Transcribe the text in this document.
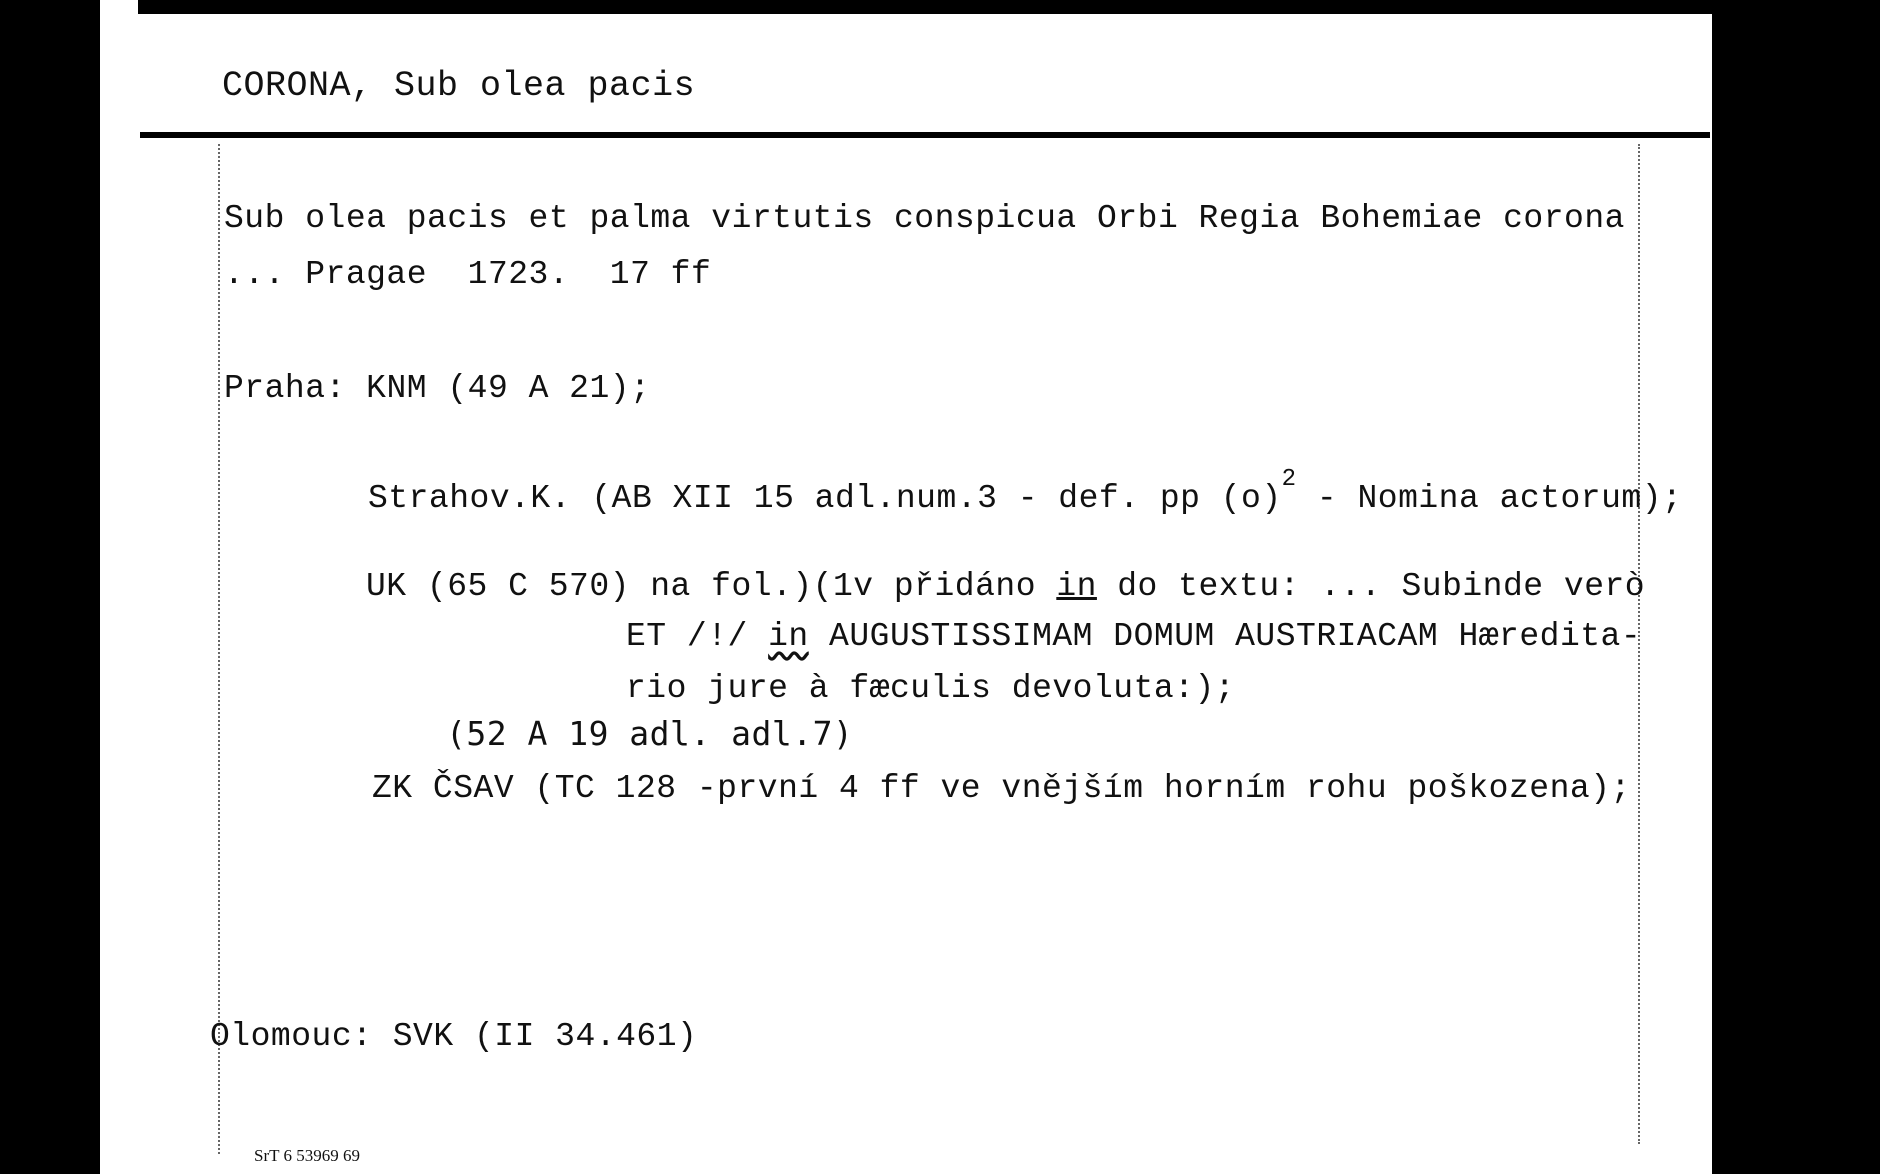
CORONA, Sub olea pacis
Sub olea pacis et palma virtutis conspicua Orbi Regia Bohemiae corona
... Pragae  1723.  17 ff
Praha: KNM (49 A 21);
Strahov.K. (AB XII 15 adl.num.3 - def. pp $(o)^2$ - Nomina actorum);
UK (65 C 570) na fol.)(1v přidáno in do textu: ... Subinde verò
ET /!/ in AUGUSTISSIMAM DOMUM AUSTRIACAM Hæredita-
rio jure à fæculis devoluta:);
(52 A 19 adl. adl.7)
ZK ČSAV (TC 128 -první 4 ff ve vnějším horním rohu poškozena);
Olomouc: SVK (II 34.461)
SrT 6 53969 69
